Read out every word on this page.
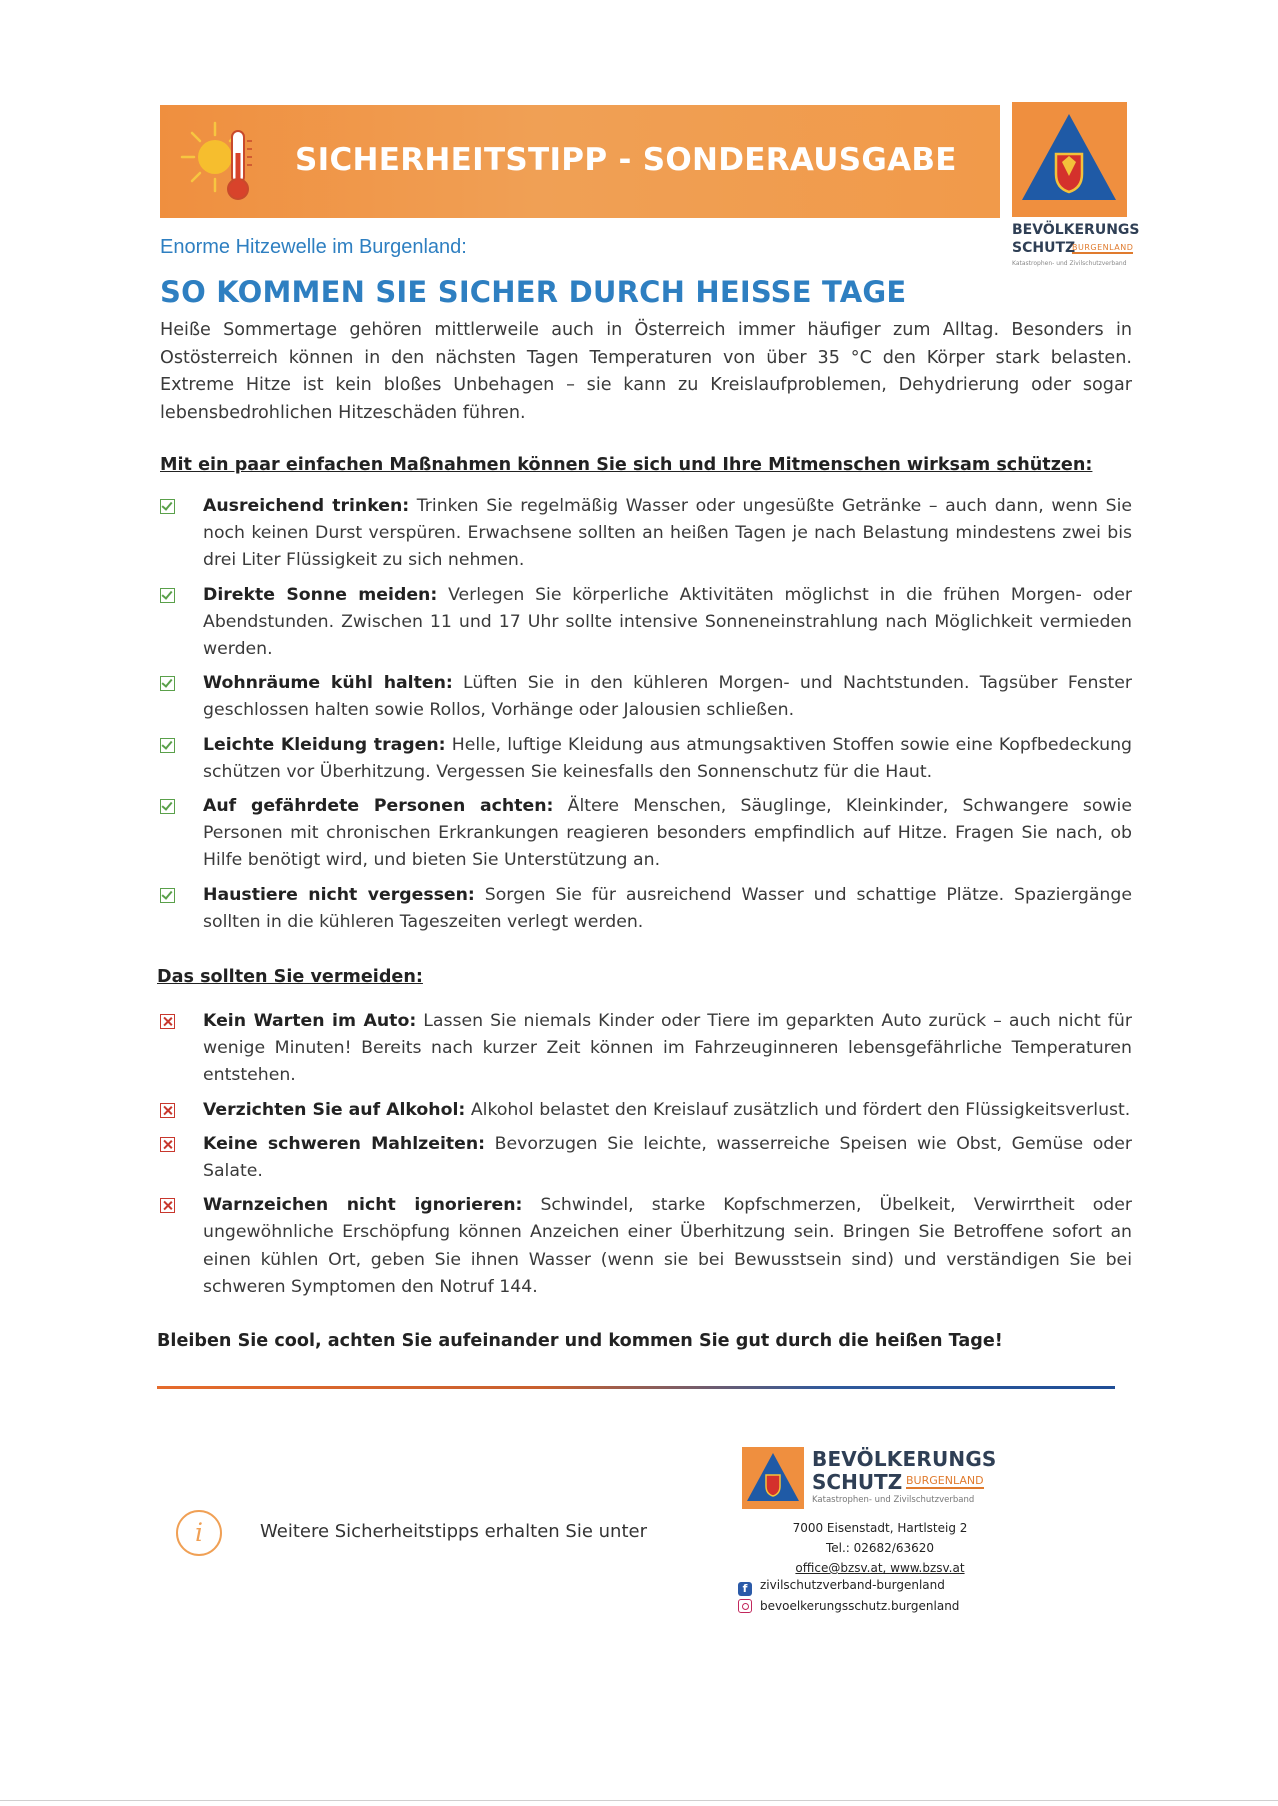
SICHERHEITSTIPP - SONDERAUSGABE
BEVÖLKERUNGS
SCHUTZ
BURGENLAND
Katastrophen- und Zivilschutzverband
Enorme Hitzewelle im Burgenland:
SO KOMMEN SIE SICHER DURCH HEISSE TAGE
Heiße Sommertage gehören mittlerweile auch in Österreich immer häufiger zum Alltag. Besonders in Ostösterreich können in den nächsten Tagen Temperaturen von über 35 °C den Körper stark belasten. Extreme Hitze ist kein bloßes Unbehagen – sie kann zu Kreislaufproblemen, Dehydrierung oder sogar lebensbedrohlichen Hitzeschäden führen.
Mit ein paar einfachen Maßnahmen können Sie sich und Ihre Mitmenschen wirksam schützen:
Ausreichend trinken: Trinken Sie regelmäßig Wasser oder ungesüßte Getränke – auch dann, wenn Sie noch keinen Durst verspüren. Erwachsene sollten an heißen Tagen je nach Belastung mindestens zwei bis drei Liter Flüssigkeit zu sich nehmen.
Direkte Sonne meiden: Verlegen Sie körperliche Aktivitäten möglichst in die frühen Morgen- oder Abendstunden. Zwischen 11 und 17 Uhr sollte intensive Sonneneinstrahlung nach Möglichkeit vermieden werden.
Wohnräume kühl halten: Lüften Sie in den kühleren Morgen- und Nachtstunden. Tagsüber Fenster geschlossen halten sowie Rollos, Vorhänge oder Jalousien schließen.
Leichte Kleidung tragen: Helle, luftige Kleidung aus atmungsaktiven Stoffen sowie eine Kopfbedeckung schützen vor Überhitzung. Vergessen Sie keinesfalls den Sonnenschutz für die Haut.
Auf gefährdete Personen achten: Ältere Menschen, Säuglinge, Kleinkinder, Schwangere sowie Personen mit chronischen Erkrankungen reagieren besonders empfindlich auf Hitze. Fragen Sie nach, ob Hilfe benötigt wird, und bieten Sie Unterstützung an.
Haustiere nicht vergessen: Sorgen Sie für ausreichend Wasser und schattige Plätze. Spaziergänge sollten in die kühleren Tageszeiten verlegt werden.
Das sollten Sie vermeiden:
Kein Warten im Auto: Lassen Sie niemals Kinder oder Tiere im geparkten Auto zurück – auch nicht für wenige Minuten! Bereits nach kurzer Zeit können im Fahrzeuginneren lebensgefährliche Temperaturen entstehen.
Verzichten Sie auf Alkohol: Alkohol belastet den Kreislauf zusätzlich und fördert den Flüssigkeitsverlust.
Keine schweren Mahlzeiten: Bevorzugen Sie leichte, wasserreiche Speisen wie Obst, Gemüse oder Salate.
Warnzeichen nicht ignorieren: Schwindel, starke Kopfschmerzen, Übelkeit, Verwirrtheit oder ungewöhnliche Erschöpfung können Anzeichen einer Überhitzung sein. Bringen Sie Betroffene sofort an einen kühlen Ort, geben Sie ihnen Wasser (wenn sie bei Bewusstsein sind) und verständigen Sie bei schweren Symptomen den Notruf 144.
Bleiben Sie cool, achten Sie aufeinander und kommen Sie gut durch die heißen Tage!
i	Weitere Sicherheitstipps erhalten Sie unter
BEVÖLKERUNGS
SCHUTZ BURGENLAND
Katastrophen- und Zivilschutzverband
7000 Eisenstadt, Hartlsteig 2
Tel.: 02682/63620
office@bzsv.at, www.bzsv.at
f zivilschutzverband-burgenland
bevoelkerungsschutz.burgenland
